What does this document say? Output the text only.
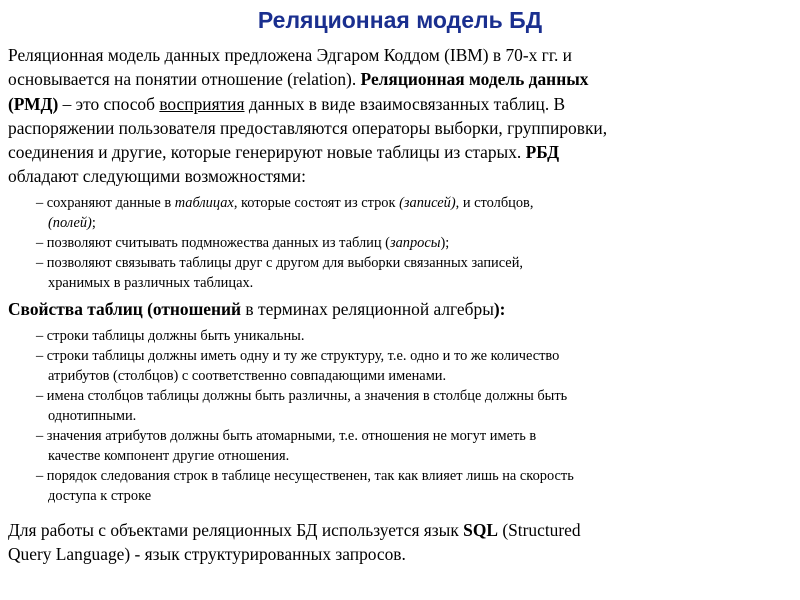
Реляционная модель БД

Реляционная модель данных предложена Эдгаром Коддом (IBM) в 70-х гг. и
основывается на понятии отношение (relation). Реляционная модель данных
(РМД) – это способ восприятия данных в виде взаимосвязанных таблиц. В
распоряжении пользователя предоставляются операторы выборки, группировки,
соединения и другие, которые генерируют новые таблицы из старых. РБД
обладают следующими возможностями:

– сохраняют данные в таблицах, которые состоят из строк (записей), и столбцов,
(полей);
– позволяют считывать подмножества данных из таблиц (запросы);
– позволяют связывать таблицы друг с другом для выборки связанных записей,
хранимых в различных таблицах.

Свойства таблиц (отношений в терминах реляционной алгебры):

– строки таблицы должны быть уникальны.
– строки таблицы должны иметь одну и ту же структуру, т.е. одно и то же количество
атрибутов (столбцов) с соответственно совпадающими именами.
– имена столбцов таблицы должны быть различны, а значения в столбце должны быть
однотипными.
– значения атрибутов должны быть атомарными, т.е. отношения не могут иметь в
качестве компонент другие отношения.
– порядок следования строк в таблице несущественен, так как влияет лишь на скорость
доступа к строке

Для работы с объектами реляционных БД используется язык SQL (Structured
Query Language) - язык структурированных запросов.
